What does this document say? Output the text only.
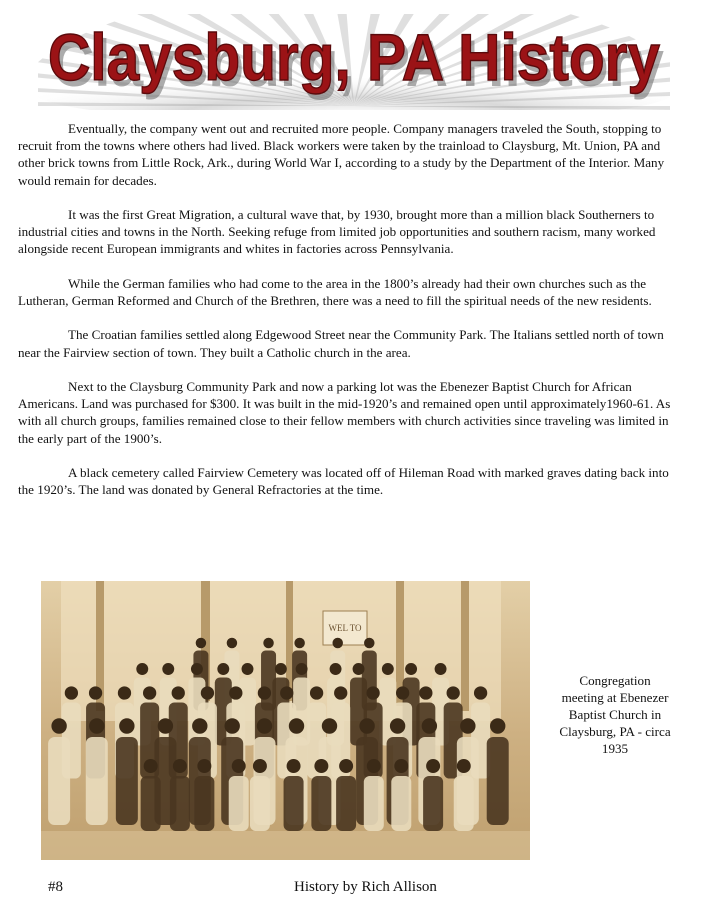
Claysburg, PA History
Claysburg, PA History

Eventually, the company went out and recruited more people. Company managers traveled the South, stopping to recruit from the towns where others had lived. Black workers were taken by the trainload to Claysburg, Mt. Union, PA and other brick towns from Little Rock, Ark., during World War I, according to a study by the Department of the Interior. Many would remain for decades.

It was the first Great Migration, a cultural wave that, by 1930, brought more than a million black Southerners to industrial cities and towns in the North. Seeking refuge from limited job opportunities and southern racism, many worked alongside recent European immigrants and whites in factories across Pennsylvania.

While the German families who had come to the area in the 1800’s already had their own churches such as the Lutheran, German Reformed and Church of the Brethren, there was a need to fill the spiritual needs of the new residents.

The Croatian families settled along Edgewood Street near the Community Park. The Italians settled north of town near the Fairview section of town. They built a Catholic church in the area.

Next to the Claysburg Community Park and now a parking lot was the Ebenezer Baptist Church for African Americans. Land was purchased for $300. It was built in the mid-1920’s and remained open until approximately1960-61. As with all church groups, families remained close to their fellow members with church activities since traveling was limited in the early part of the 1900’s.

A black cemetery called Fairview Cemetery was located off of Hileman Road with marked graves dating back into the 1920’s. The land was donated by General Refractories at the time.

WEL TO
Congregation
meeting at Ebenezer
Baptist Church in
Claysburg, PA - circa
1935
#8	History by Rich Allison
